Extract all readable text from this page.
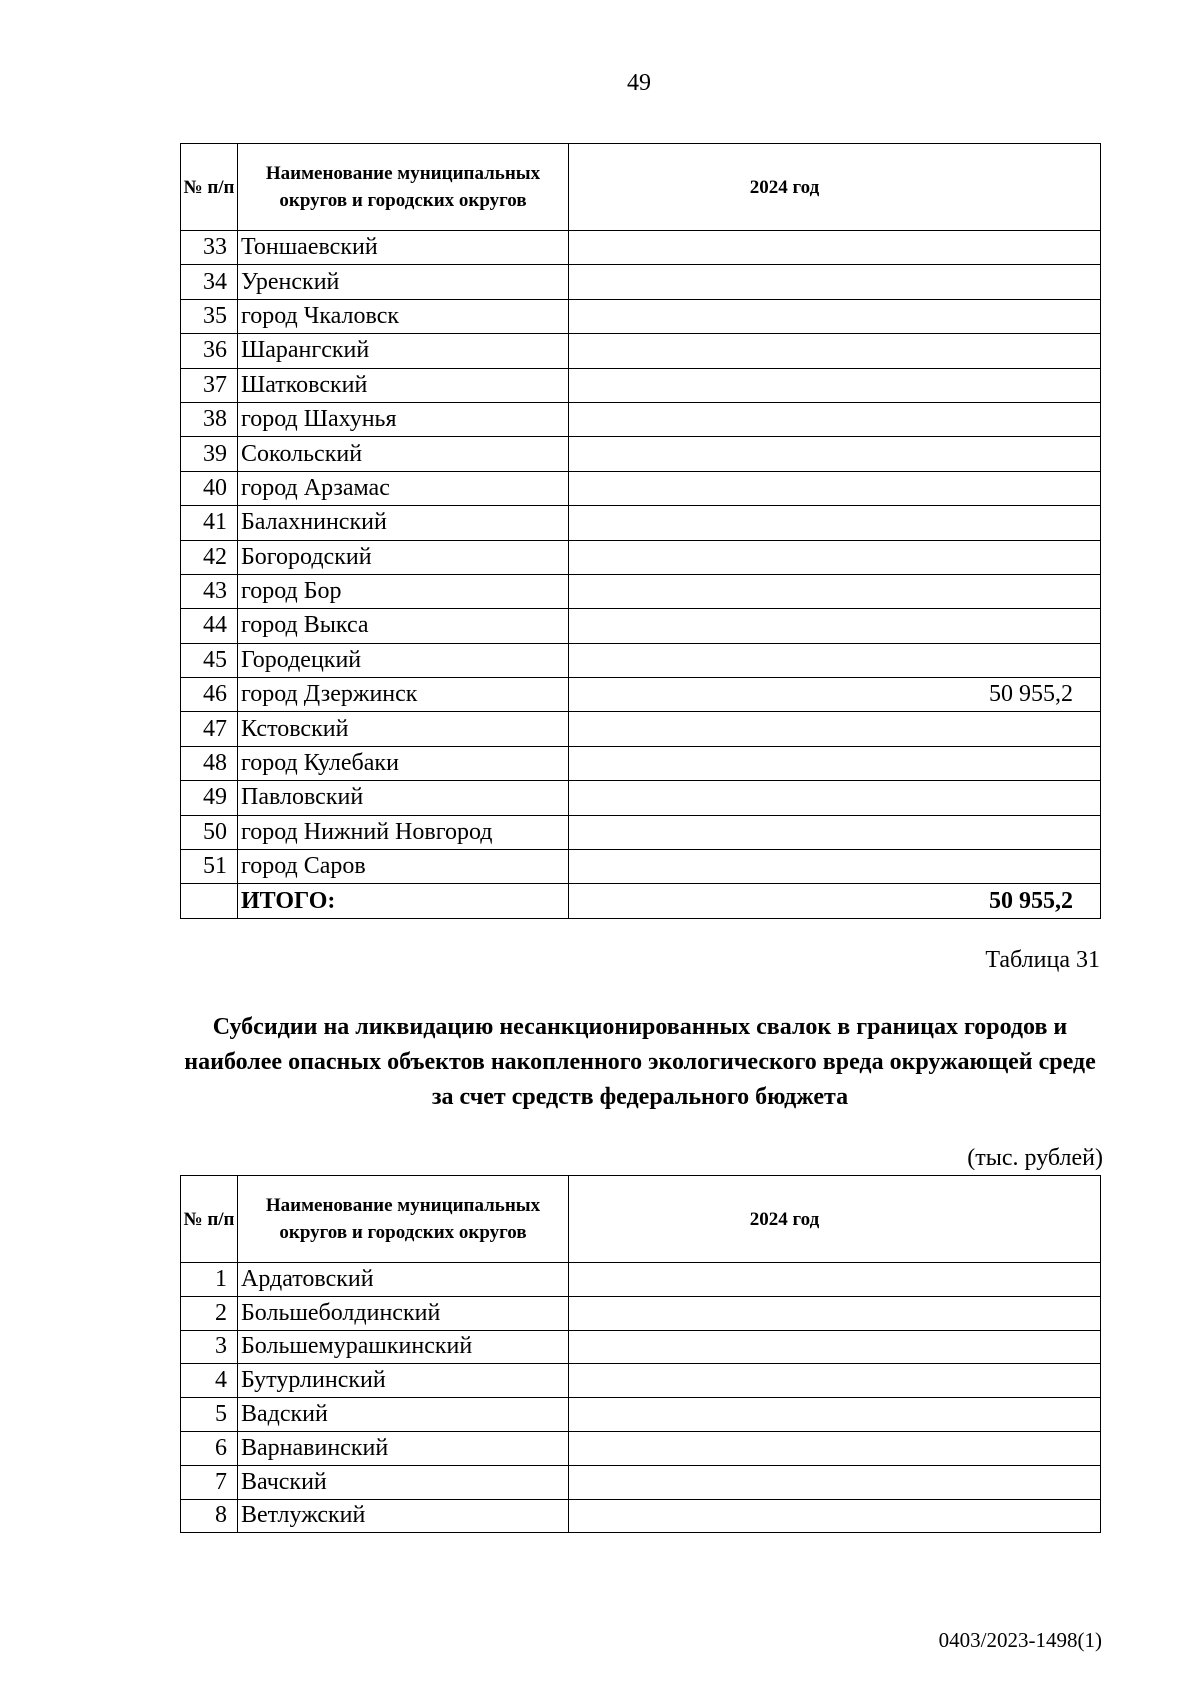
49
№ п/п	Наименование муниципальных округов и городских округов	2024 год
33	Тоншаевский	
34	Уренский	
35	город Чкаловск	
36	Шарангский	
37	Шатковский	
38	город Шахунья	
39	Сокольский	
40	город Арзамас	
41	Балахнинский	
42	Богородский	
43	город Бор	
44	город Выкса	
45	Городецкий	
46	город Дзержинск	50 955,2
47	Кстовский	
48	город Кулебаки	
49	Павловский	
50	город Нижний Новгород	
51	город Саров	
	ИТОГО:	50 955,2
Таблица 31
Субсидии на ликвидацию несанкционированных свалок в границах городов и наиболее опасных объектов накопленного экологического вреда окружающей среде за счет средств федерального бюджета
(тыс. рублей)
№ п/п	Наименование муниципальных округов и городских округов	2024 год
1	Ардатовский	
2	Большеболдинский	
3	Большемурашкинский	
4	Бутурлинский	
5	Вадский	
6	Варнавинский	
7	Вачский	
8	Ветлужский	
0403/2023-1498(1)
